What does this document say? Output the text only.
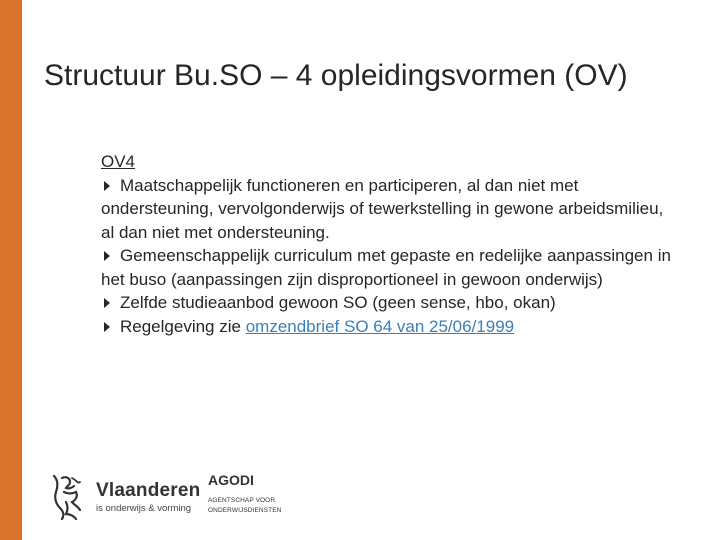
Structuur Bu.SO – 4 opleidingsvormen (OV)
OV4
Maatschappelijk functioneren en participeren, al dan niet met ondersteuning, vervolgonderwijs of tewerkstelling in gewone arbeidsmilieu, al dan niet met ondersteuning.
Gemeenschappelijk curriculum met gepaste en redelijke aanpassingen in het buso (aanpassingen zijn disproportioneel in gewoon onderwijs)
Zelfde studieaanbod gewoon SO (geen sense, hbo, okan)
Regelgeving zie omzendbrief SO 64 van 25/06/1999
Vlaanderen
is onderwijs & vorming
AGODI
AGENTSCHAP VOOR
ONDERWIJSDIENSTEN
